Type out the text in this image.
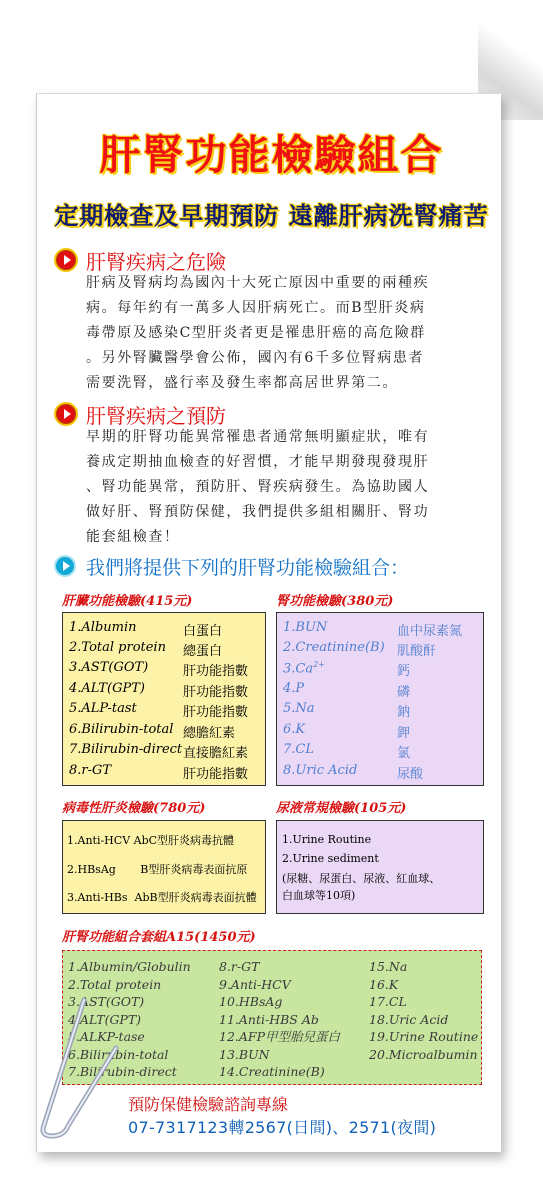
肝腎功能檢驗組合
定期檢查及早期預防 遠離肝病洗腎痛苦
肝腎疾病之危險
肝病及腎病均為國內十大死亡原因中重要的兩種疾
病。每年約有一萬多人因肝病死亡。而B型肝炎病
毒帶原及感染C型肝炎者更是罹患肝癌的高危險群
。另外腎臟醫學會公佈，國內有6千多位腎病患者
需要洗腎，盛行率及發生率都高居世界第二。
肝腎疾病之預防
早期的肝腎功能異常罹患者通常無明顯症狀，唯有
養成定期抽血檢查的好習慣，才能早期發現發現肝
、腎功能異常，預防肝、腎疾病發生。為協助國人
做好肝、腎預防保健，我們提供多組相關肝、腎功
能套組檢查！
我們將提供下列的肝腎功能檢驗組合：
肝臟功能檢驗(415元)
1.Albumin	白蛋白
2.Total protein 總蛋白
3.AST(GOT)	肝功能指數
4.ALT(GPT)	肝功能指數
5.ALP-tast	肝功能指數
6.Bilirubin-total 總膽紅素
7.Bilirubin-direct 直接膽紅素
8.r-GT	肝功能指數
腎功能檢驗(380元)
1.BUN	血中尿素氮
2.Creatinine(B) 肌酸酐
$3.Ca^{2+}$	鈣
4.P	磷
5.Na	鈉
6.K	鉀
7.CL	氯
8.Uric Acid	尿酸
病毒性肝炎檢驗(780元)
1.Anti-HCV AbC型肝炎病毒抗體
2.HBsAg B型肝炎病毒表面抗原
3.Anti-HBs AbB型肝炎病毒表面抗體
尿液常規檢驗(105元)
1.Urine Routine
2.Urine sediment
(尿糖、尿蛋白、尿液、紅血球、
白血球等10項)
肝腎功能組合套組A15(1450元)
1.Albumin/Globulin
2.Total protein
3.AST(GOT)
4.ALT(GPT)
5.ALKP-tase
6.Bilirubin-total
7.Bilirubin-direct
8.r-GT
9.Anti-HCV
10.HBsAg
11.Anti-HBS Ab
12.AFP甲型胎兒蛋白
13.BUN
14.Creatinine(B)
15.Na
16.K
17.CL
18.Uric Acid
19.Urine Routine
20.Microalbumin
預防保健檢驗諮詢專線
07-7317123轉2567(日間)、2571(夜間)
